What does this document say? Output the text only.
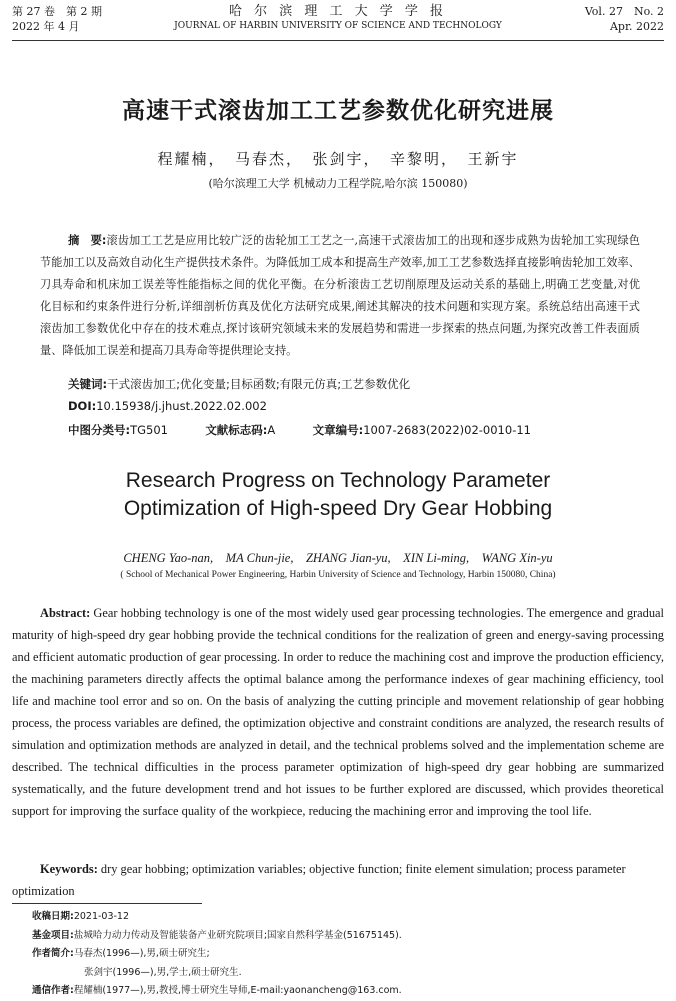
第 27 卷　第 2 期
2022 年 4 月
哈 尔 滨 理 工 大 学 学 报
JOURNAL OF HARBIN UNIVERSITY OF SCIENCE AND TECHNOLOGY
Vol. 27　No. 2
Apr. 2022
高速干式滚齿加工工艺参数优化研究进展
程耀楠，　马春杰，　张剑宇，　辛黎明，　王新宇
(哈尔滨理工大学 机械动力工程学院,哈尔滨 150080)
摘　要:滚齿加工工艺是应用比较广泛的齿轮加工工艺之一,高速干式滚齿加工的出现和逐步成熟为齿轮加工实现绿色节能加工以及高效自动化生产提供技术条件。为降低加工成本和提高生产效率,加工工艺参数选择直接影响齿轮加工效率、刀具寿命和机床加工误差等性能指标之间的优化平衡。在分析滚齿工艺切削原理及运动关系的基础上,明确工艺变量,对优化目标和约束条件进行分析,详细剖析仿真及优化方法研究成果,阐述其解决的技术问题和实现方案。系统总结出高速干式滚齿加工参数优化中存在的技术难点,探讨该研究领域未来的发展趋势和需进一步探索的热点问题,为探究改善工件表面质量、降低加工误差和提高刀具寿命等提供理论支持。
关键词:干式滚齿加工;优化变量;目标函数;有限元仿真;工艺参数优化
DOI:10.15938/j.jhust.2022.02.002
中图分类号:TG501	文献标志码:A	文章编号:1007-2683(2022)02-0010-11
Research Progress on Technology Parameter
Optimization of High-speed Dry Gear Hobbing
CHENG Yao-nan,　MA Chun-jie,　ZHANG Jian-yu,　XIN Li-ming,　WANG Xin-yu
( School of Mechanical Power Engineering, Harbin University of Science and Technology, Harbin 150080, China)
Abstract: Gear hobbing technology is one of the most widely used gear processing technologies. The emergence and gradual maturity of high-speed dry gear hobbing provide the technical conditions for the realization of green and energy-saving processing and efficient automatic production of gear processing. In order to reduce the machining cost and improve the production efficiency, the machining parameters directly affects the optimal balance among the performance indexes of gear machining efficiency, tool life and machine tool error and so on. On the basis of analyzing the cutting principle and movement relationship of gear hobbing process, the process variables are defined, the optimization objective and constraint conditions are analyzed, the research results of simulation and optimization methods are analyzed in detail, and the technical problems solved and the implementation scheme are described. The technical difficulties in the process parameter optimization of high-speed dry gear hobbing are summarized systematically, and the future development trend and hot issues to be further explored are discussed, which provides theoretical support for improving the surface quality of the workpiece, reducing the machining error and improving the tool life.
Keywords: dry gear hobbing; optimization variables; objective function; finite element simulation; process parameter optimization
收稿日期:2021-03-12
基金项目:盐城哈力动力传动及智能装备产业研究院项目;国家自然科学基金(51675145).
作者简介:马春杰(1996—),男,硕士研究生;
张剑宇(1996—),男,学士,硕士研究生.
通信作者:程耀楠(1977—),男,教授,博士研究生导师,E-mail:yaonancheng@163.com.
